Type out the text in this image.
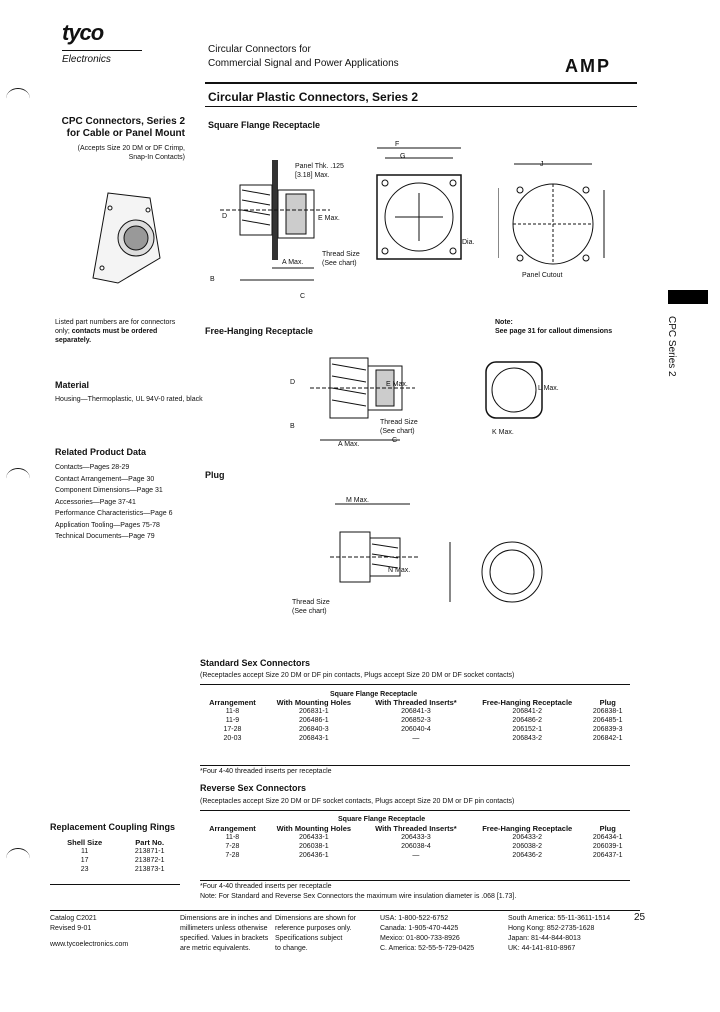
tyco
Electronics
Circular Connectors for
Commercial Signal and Power Applications	AMP
Circular Plastic Connectors, Series 2
CPC Connectors, Series 2 for Cable or Panel Mount
(Accepts Size 20 DM or DF Crimp, Snap-In Contacts)
Listed part numbers are for connectors only; contacts must be ordered separately.
Material
Housing—Thermoplastic, UL 94V-0 rated, black
Related Product Data
Contacts—Pages 28-29
Contact Arrangement—Page 30
Component Dimensions—Page 31
Accessories—Page 37-41
Performance Characteristics—Page 6
Application Tooling—Pages 75-78
Technical Documents—Page 79
CPC Series 2
Square Flange Receptacle
Panel Thk. .125 [3.18] Max.
D	E Max.
Thread Size (See chart)
A Max.
B
C
F
G
Dia.
J
Panel Cutout
Note:
See page 31 for callout dimensions
Free-Hanging Receptacle
D	E Max.
B
Thread Size (See chart)
A Max.
C
L Max.
K Max.
Plug
M Max.
N Max.
Thread Size (See chart)
Standard Sex Connectors
(Receptacles accept Size 20 DM or DF pin contacts, Plugs accept Size 20 DM or DF socket contacts)
Square Flange Receptacle
Arrangement	With Mounting Holes	With Threaded Inserts*	Free-Hanging Receptacle	Plug
11-8	206831-1	206841-3	206841-2	206838-1
11-9	206486-1	206852-3	206486-2	206485-1
17-28	206840-3	206040-4	206152-1	206839-3
20-03	206843-1	—	206843-2	206842-1
*Four 4-40 threaded inserts per receptacle
Reverse Sex Connectors
(Receptacles accept Size 20 DM or DF socket contacts, Plugs accept Size 20 DM or DF pin contacts)
Square Flange Receptacle
Arrangement	With Mounting Holes	With Threaded Inserts*	Free-Hanging Receptacle	Plug
11-8	206433-1	206433-3	206433-2	206434-1
7-28	206038-1	206038-4	206038-2	206039-1
7-28	206436-1	—	206436-2	206437-1
*Four 4-40 threaded inserts per receptacle
Note: For Standard and Reverse Sex Connectors the maximum wire insulation diameter is .068 [1.73].
Replacement Coupling Rings
Shell Size	Part No.
11	213871-1
17	213872-1
23	213873-1
Catalog C2021
Revised 9-01
www.tycoelectronics.com
Dimensions are in inches and
millimeters unless otherwise
specified. Values in brackets
are metric equivalents.
Dimensions are shown for
reference purposes only.
Specifications subject
to change.
USA: 1-800-522-6752
Canada: 1-905-470-4425
Mexico: 01-800-733-8926
C. America: 52-55-5-729-0425
South America: 55-11-3611-1514
Hong Kong: 852-2735-1628
Japan: 81-44-844-8013
UK: 44-141-810-8967
25
